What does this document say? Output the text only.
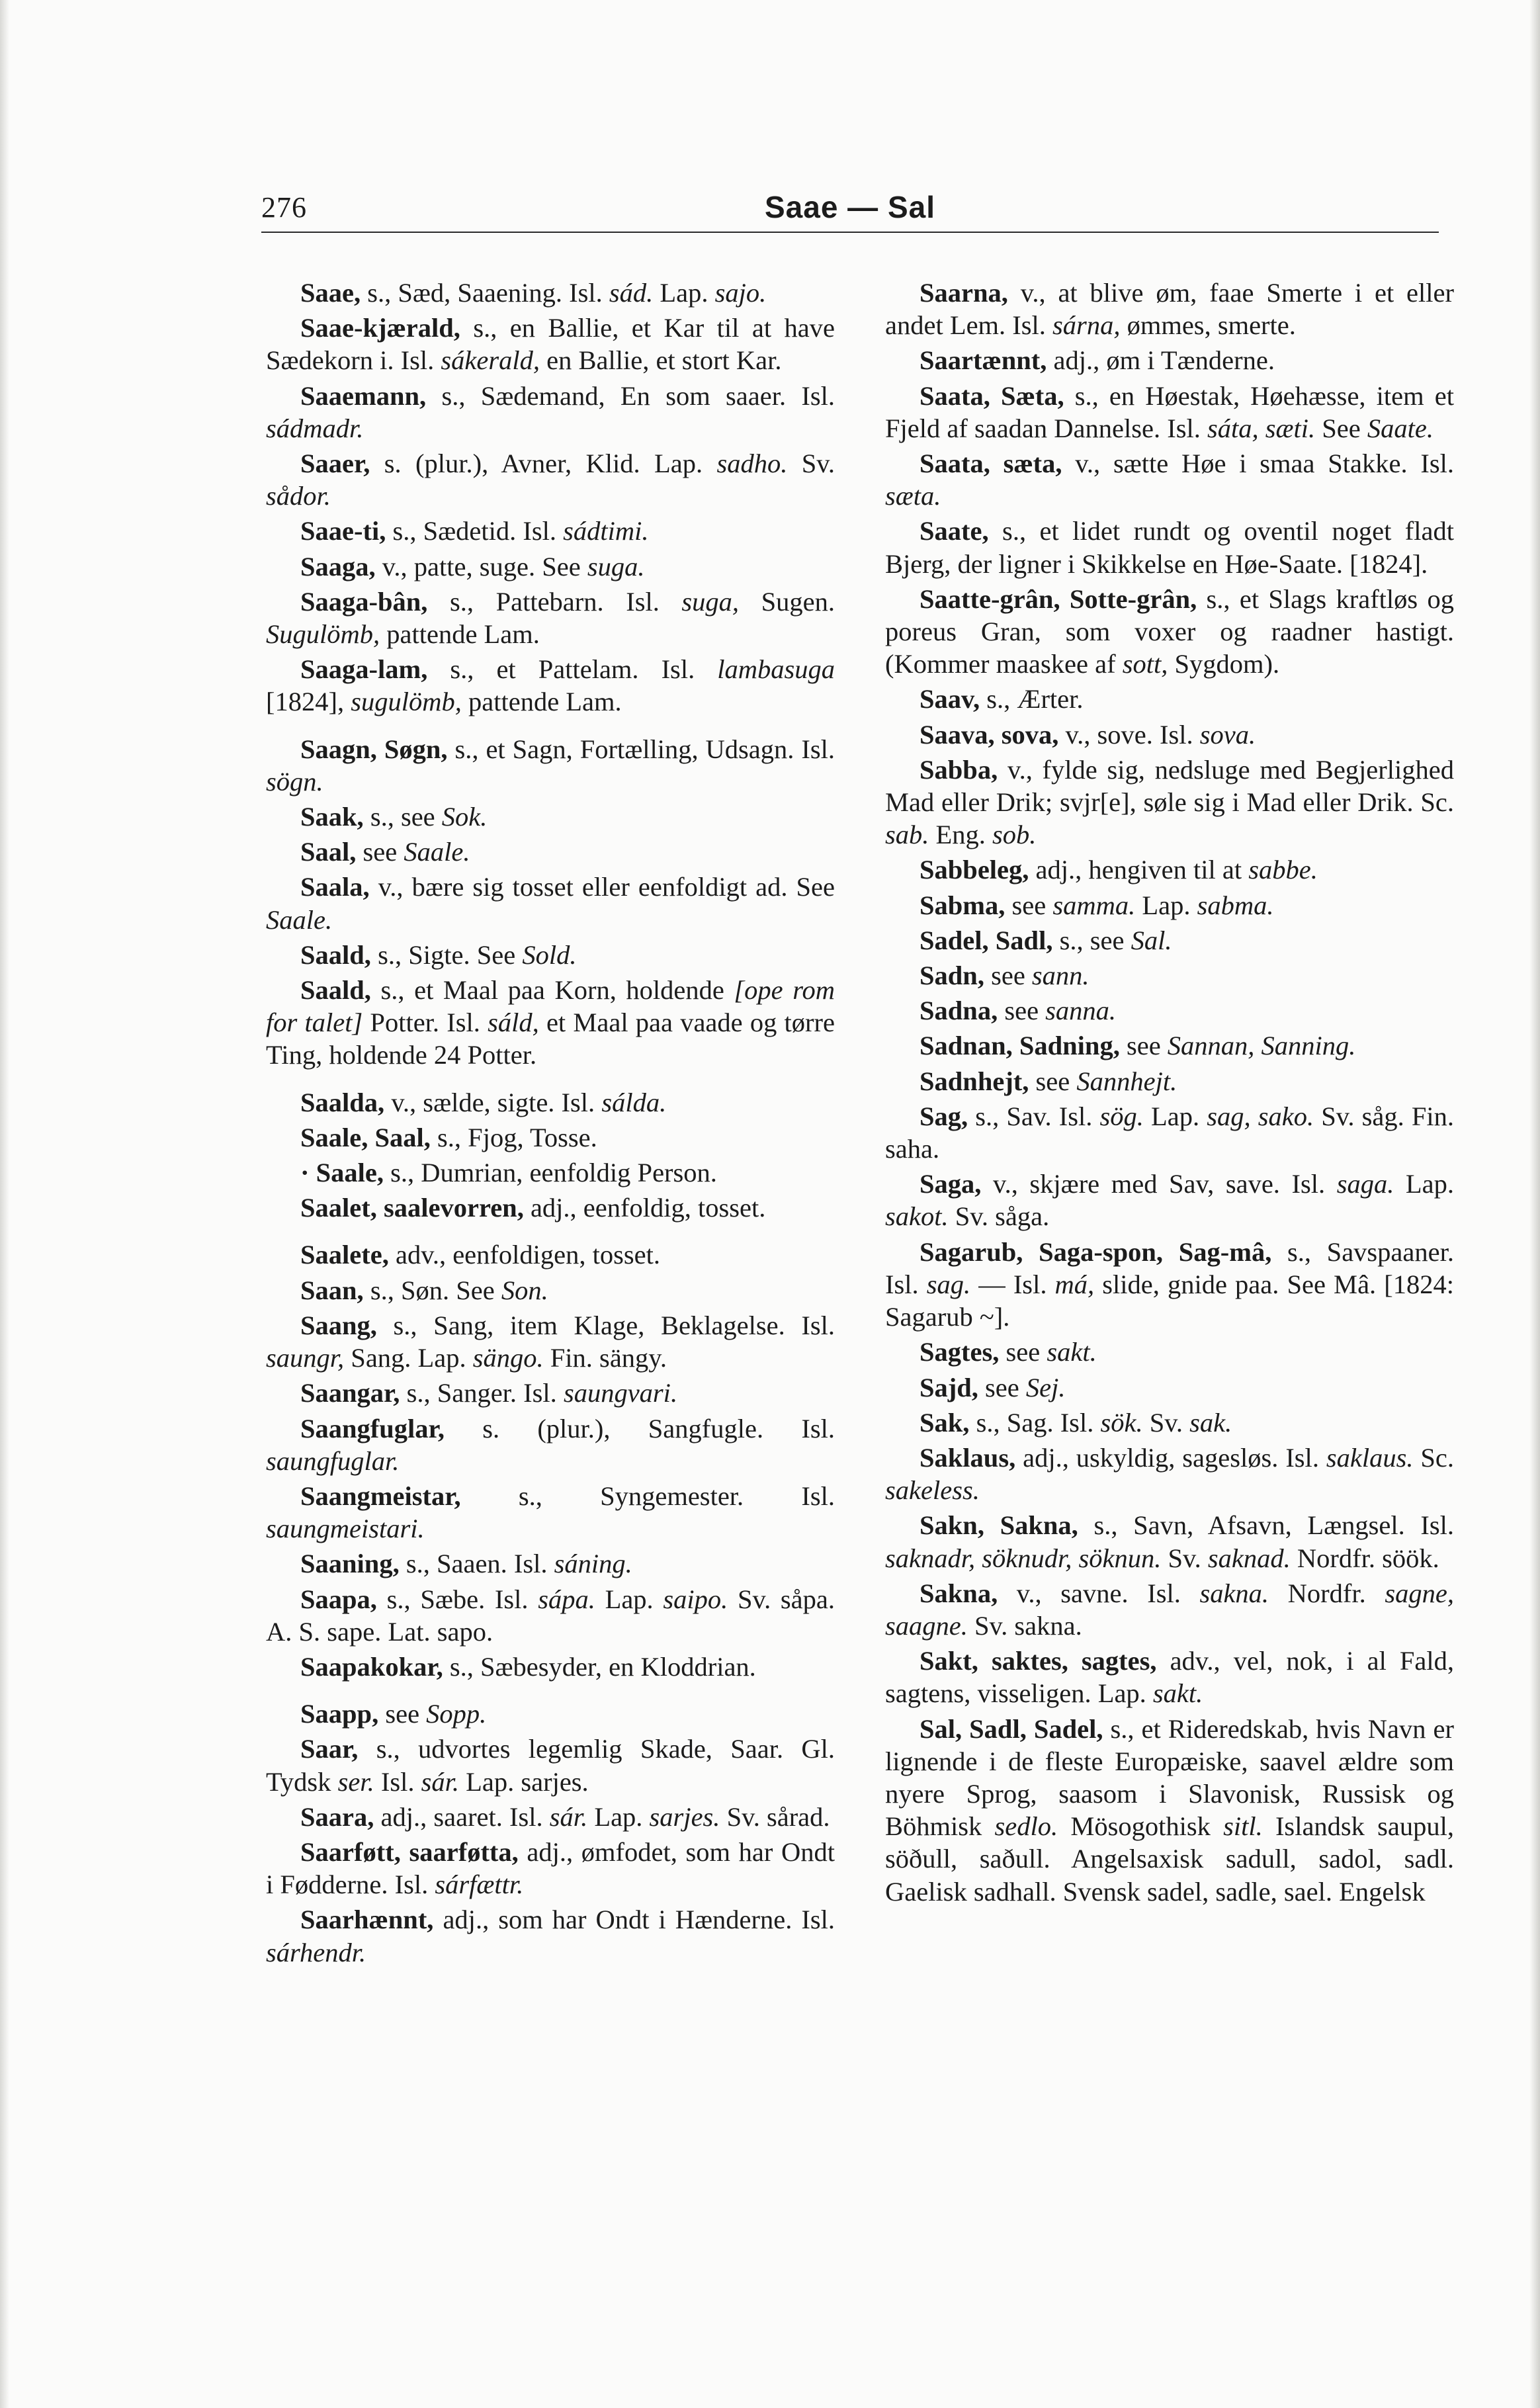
276	Saae — Sal

Saae, s., Sæd, Saaening. Isl. sád. Lap. sajo.

Saae-kjærald, s., en Ballie, et Kar til at have Sædekorn i. Isl. sákerald, en Ballie, et stort Kar.

Saaemann, s., Sædemand, En som saaer. Isl. sádmadr.

Saaer, s. (plur.), Avner, Klid. Lap. sadho. Sv. sådor.

Saae-ti, s., Sædetid. Isl. sádtimi.

Saaga, v., patte, suge. See suga.

Saaga-bân, s., Pattebarn. Isl. suga, Sugen. Sugulömb, pattende Lam.

Saaga-lam, s., et Pattelam. Isl. lambasuga [1824], sugulömb, pattende Lam.

Saagn, Søgn, s., et Sagn, Fortælling, Udsagn. Isl. sögn.

Saak, s., see Sok.

Saal, see Saale.

Saala, v., bære sig tosset eller eenfoldigt ad. See Saale.

Saald, s., Sigte. See Sold.

Saald, s., et Maal paa Korn, holdende [ope rom for talet] Potter. Isl. sáld, et Maal paa vaade og tørre Ting, holdende 24 Potter.

Saalda, v., sælde, sigte. Isl. sálda.

Saale, Saal, s., Fjog, Tosse.

· Saale, s., Dumrian, eenfoldig Person.

Saalet, saalevorren, adj., eenfoldig, tosset.

Saalete, adv., eenfoldigen, tosset.

Saan, s., Søn. See Son.

Saang, s., Sang, item Klage, Beklagelse. Isl. saungr, Sang. Lap. sängo. Fin. sängy.

Saangar, s., Sanger. Isl. saungvari.

Saangfuglar, s. (plur.), Sangfugle. Isl. saungfuglar.

Saangmeistar, s., Syngemester. Isl. saungmeistari.

Saaning, s., Saaen. Isl. sáning.

Saapa, s., Sæbe. Isl. sápa. Lap. saipo. Sv. såpa. A. S. sape. Lat. sapo.

Saapakokar, s., Sæbesyder, en Kloddrian.

Saapp, see Sopp.

Saar, s., udvortes legemlig Skade, Saar. Gl. Tydsk ser. Isl. sár. Lap. sarjes.

Saara, adj., saaret. Isl. sár. Lap. sarjes. Sv. sårad.

Saarføtt, saarføtta, adj., ømfodet, som har Ondt i Fødderne. Isl. sárfættr.

Saarhænnt, adj., som har Ondt i Hænderne. Isl. sárhendr.

Saarna, v., at blive øm, faae Smerte i et eller andet Lem. Isl. sárna, ømmes, smerte.

Saartænnt, adj., øm i Tænderne.

Saata, Sæta, s., en Høestak, Høehæsse, item et Fjeld af saadan Dannelse. Isl. sáta, sæti. See Saate.

Saata, sæta, v., sætte Høe i smaa Stakke. Isl. sæta.

Saate, s., et lidet rundt og oventil noget fladt Bjerg, der ligner i Skikkelse en Høe-Saate. [1824].

Saatte-grân, Sotte-grân, s., et Slags kraftløs og poreus Gran, som voxer og raadner hastigt. (Kommer maaskee af sott, Sygdom).

Saav, s., Ærter.

Saava, sova, v., sove. Isl. sova.

Sabba, v., fylde sig, nedsluge med Begjerlighed Mad eller Drik; svjr[e], søle sig i Mad eller Drik. Sc. sab. Eng. sob.

Sabbeleg, adj., hengiven til at sabbe.

Sabma, see samma. Lap. sabma.

Sadel, Sadl, s., see Sal.

Sadn, see sann.

Sadna, see sanna.

Sadnan, Sadning, see Sannan, Sanning.

Sadnhejt, see Sannhejt.

Sag, s., Sav. Isl. sög. Lap. sag, sako. Sv. såg. Fin. saha.

Saga, v., skjære med Sav, save. Isl. saga. Lap. sakot. Sv. såga.

Sagarub, Saga-spon, Sag-mâ, s., Savspaaner. Isl. sag. — Isl. má, slide, gnide paa. See Mâ. [1824: Sagarub ~].

Sagtes, see sakt.

Sajd, see Sej.

Sak, s., Sag. Isl. sök. Sv. sak.

Saklaus, adj., uskyldig, sagesløs. Isl. saklaus. Sc. sakeless.

Sakn, Sakna, s., Savn, Afsavn, Længsel. Isl. saknadr, söknudr, söknun. Sv. saknad. Nordfr. söök.

Sakna, v., savne. Isl. sakna. Nordfr. sagne, saagne. Sv. sakna.

Sakt, saktes, sagtes, adv., vel, nok, i al Fald, sagtens, visseligen. Lap. sakt.

Sal, Sadl, Sadel, s., et Rideredskab, hvis Navn er lignende i de fleste Europæiske, saavel ældre som nyere Sprog, saasom i Slavonisk, Russisk og Böhmisk sedlo. Mösogothisk sitl. Islandsk saupul, söðull, saðull. Angelsaxisk sadull, sadol, sadl. Gaelisk sadhall. Svensk sadel, sadle, sael. Engelsk
